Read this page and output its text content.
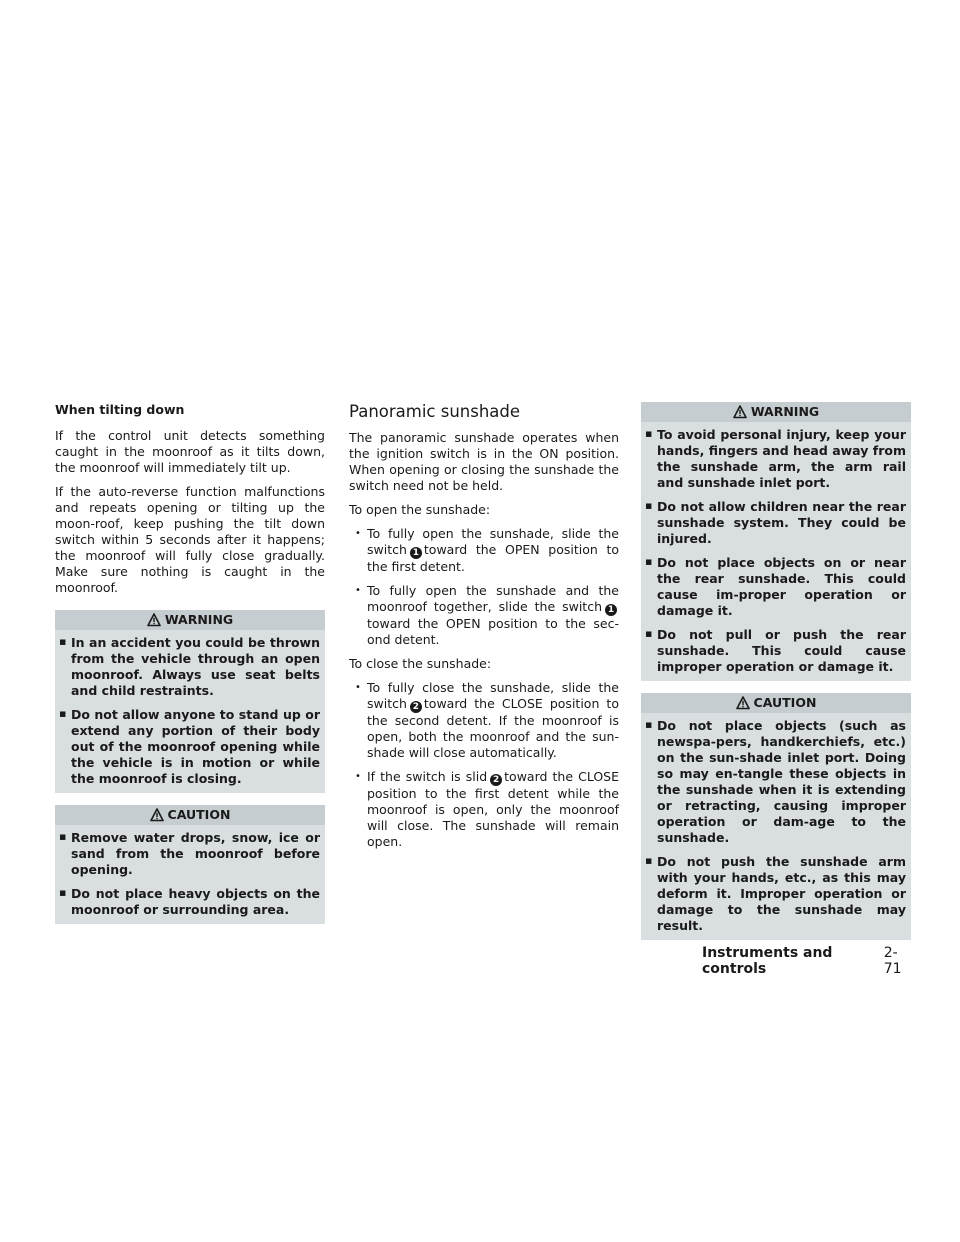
When tilting down

If the control unit detects something caught in the moonroof as it tilts down, the moonroof will immediately tilt up.

If the auto-reverse function malfunctions and repeats opening or tilting up the moon-roof, keep pushing the tilt down switch within 5 seconds after it happens; the moonroof will fully close gradually. Make sure nothing is caught in the moonroof.

WARNING
▪ In an accident you could be thrown from the vehicle through an open moonroof. Always use seat belts and child restraints.
▪ Do not allow anyone to stand up or extend any portion of their body out of the moonroof opening while the vehicle is in motion or while the moonroof is closing.
CAUTION
▪ Remove water drops, snow, ice or sand from the moonroof before opening.
▪ Do not place heavy objects on the moonroof or surrounding area.
Panoramic sunshade

The panoramic sunshade operates when the ignition switch is in the ON position. When opening or closing the sunshade the switch need not be held.

To open the sunshade:

• To fully open the sunshade, slide the switch 1 toward the OPEN position to the first detent.
• To fully open the sunshade and the moonroof together, slide the switch 1toward the OPEN position to the sec-ond detent.

To close the sunshade:

• To fully close the sunshade, slide the switch 2 toward the CLOSE position to the second detent. If the moonroof is open, both the moonroof and the sun-shade will close automatically.
• If the switch is slid 2 toward the CLOSE position to the first detent while the moonroof is open, only the moonroof will close. The sunshade will remain open.
WARNING
▪ To avoid personal injury, keep your hands, fingers and head away from the sunshade arm, the arm rail and sunshade inlet port.
▪ Do not allow children near the rear sunshade system. They could be injured.
▪ Do not place objects on or near the rear sunshade. This could cause im-proper operation or damage it.
▪ Do not pull or push the rear sunshade. This could cause improper operation or damage it.
CAUTION
▪ Do not place objects (such as newspa-pers, handkerchiefs, etc.) on the sun-shade inlet port. Doing so may en-tangle these objects in the sunshade when it is extending or retracting, causing improper operation or dam-age to the sunshade.
▪ Do not push the sunshade arm with your hands, etc., as this may deform it. Improper operation or damage to the sunshade may result.
Instruments and controls
2-71
